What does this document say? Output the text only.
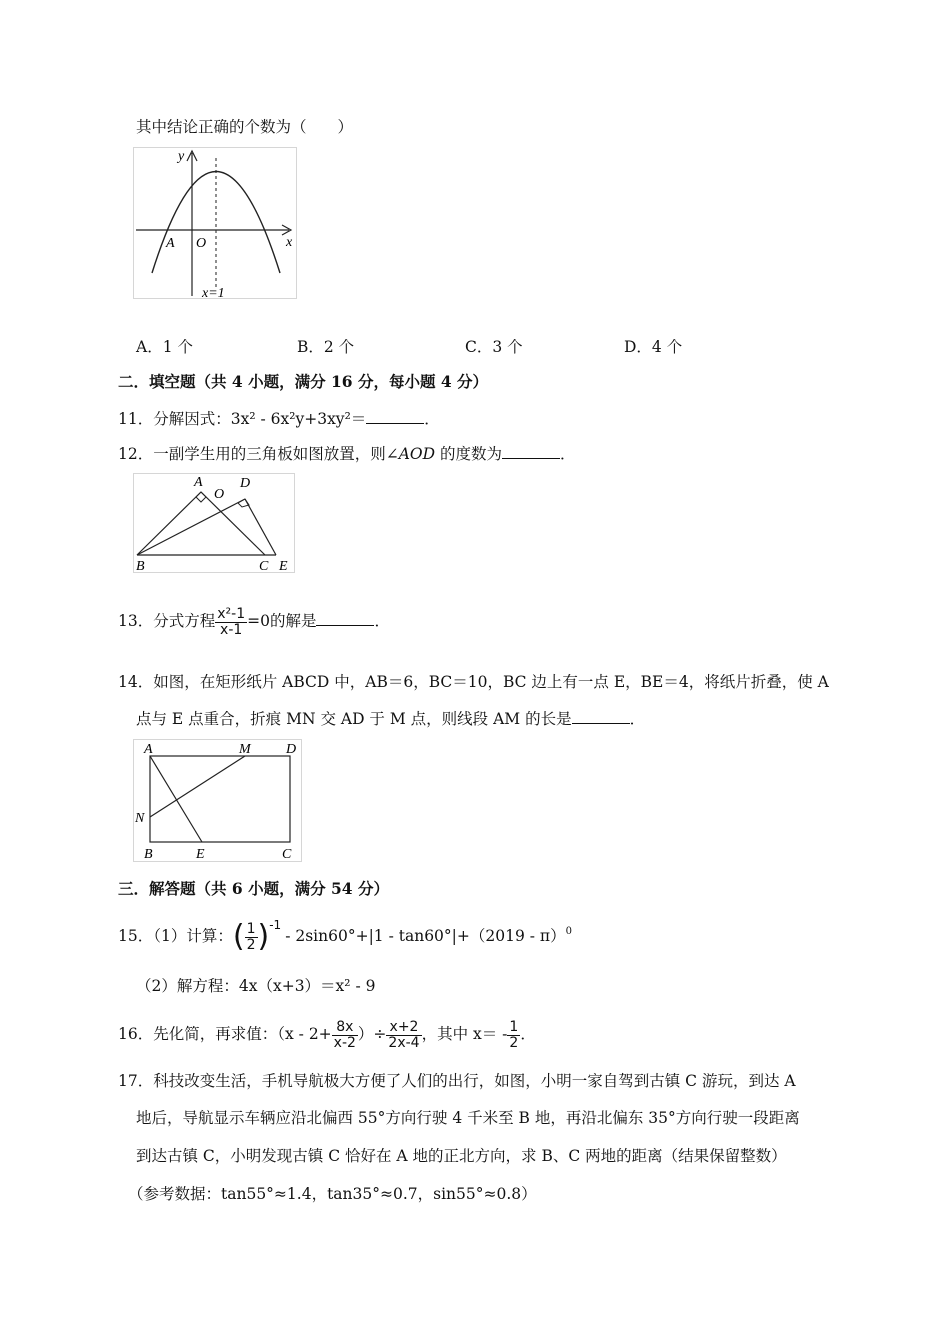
其中结论正确的个数为（　　）
y
x
A O
x=1
A．1 个	B．2 个	C．3 个	D．4 个
二．填空题（共 4 小题，满分 16 分，每小题 4 分）
11．分解因式：3x² - 6x²y+3xy²＝	．
12．一副学生用的三角板如图放置，则∠AOD 的度数为	．
A
O
D
B	C E
13．分式方程 $\frac{\text{x²-1}}{x-1} =0$的解是	．
14．如图，在矩形纸片 ABCD 中，AB＝6，BC＝10，BC 边上有一点 E，BE＝4，将纸片折叠，使 A
点与 E 点重合，折痕 MN 交 AD 于 M 点，则线段 AM 的长是	．
A	M	D
N
B	E	C
三．解答题（共 6 小题，满分 54 分）
15．（1）计算：( $\frac{1}{2} )^{-1}-$ 2sin60°+|1 - tan60°|+（2019 - π）$^0$
（2）解方程：4x（x+3）＝x² - 9
16．先化简，再求值：（$x - 2+ \frac{8x}{x-2}$ ）÷ $\frac{x+2}{2x-4}$ ，其中 $x= - \frac{1}{2}$ ．
17．科技改变生活，手机导航极大方便了人们的出行，如图，小明一家自驾到古镇 C 游玩，到达 A
地后，导航显示车辆应沿北偏西 55°方向行驶 4 千米至 B 地，再沿北偏东 35°方向行驶一段距离
到达古镇 C，小明发现古镇 C 恰好在 A 地的正北方向，求 B、C 两地的距离（结果保留整数）
（参考数据：tan55°≈1.4，tan35°≈0.7，sin55°≈0.8）
